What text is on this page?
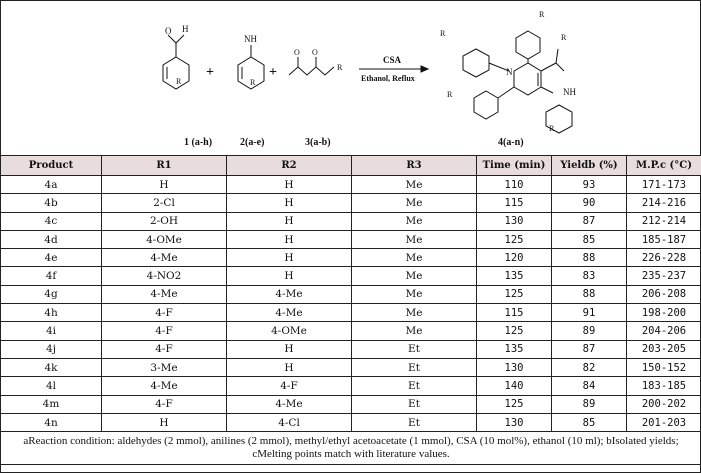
O H
R
+
NH
R
+
O O
R
CSA
Ethanol, Reflux
N
NH
R
R
R
R
R
1 (a-h)	2(a-e)	3(a-b)	4(a-n)
Product	R1	R2	R3	Time (min)	Yieldb (%)	M.P.c (°C)
4a	H	H	Me	110	93	171-173
4b	2-Cl	H	Me	115	90	214-216
4c	2-OH	H	Me	130	87	212-214
4d	4-OMe	H	Me	125	85	185-187
4e	4-Me	H	Me	120	88	226-228
4f	4-NO2	H	Me	135	83	235-237
4g	4-Me	4-Me	Me	125	88	206-208
4h	4-F	4-Me	Me	115	91	198-200
4i	4-F	4-OMe	Me	125	89	204-206
4j	4-F	H	Et	135	87	203-205
4k	3-Me	H	Et	130	82	150-152
4l	4-Me	4-F	Et	140	84	183-185
4m	4-F	4-Me	Et	125	89	200-202
4n	H	4-Cl	Et	130	85	201-203

aReaction condition: aldehydes (2 mmol), anilines (2 mmol), methyl/ethyl acetoacetate (1 mmol), CSA (10 mol%), ethanol (10 ml); bIsolated yields;
cMelting points match with literature values.						
